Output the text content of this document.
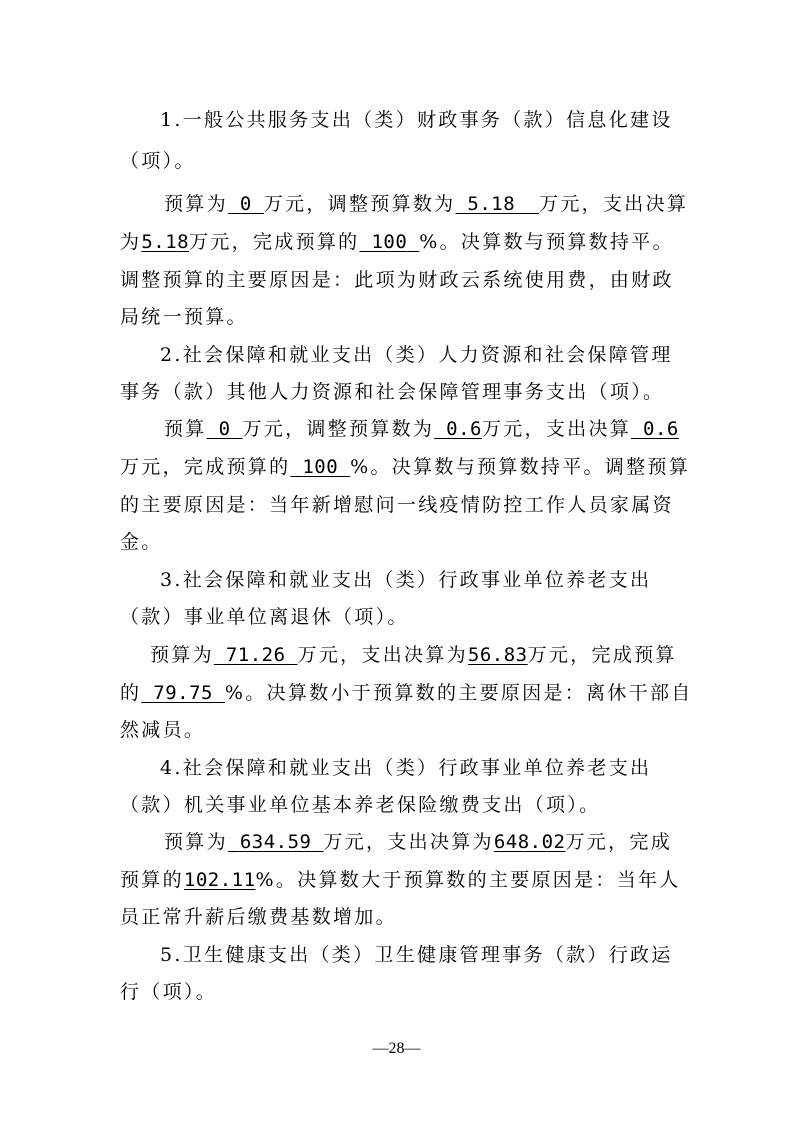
1.一般公共服务支出（类）财政事务（款）信息化建设
（项）。
预算为 0 万元，调整预算数为 5.18 万元，支出决算
为5.18万元，完成预算的 100 %。决算数与预算数持平。
调整预算的主要原因是：此项为财政云系统使用费，由财政
局统一预算。
2.社会保障和就业支出（类）人力资源和社会保障管理
事务（款）其他人力资源和社会保障管理事务支出（项）。
预算 0 万元，调整预算数为 0.6万元，支出决算 0.6
万元，完成预算的 100 %。决算数与预算数持平。调整预算
的主要原因是：当年新增慰问一线疫情防控工作人员家属资
金。
3.社会保障和就业支出（类）行政事业单位养老支出
（款）事业单位离退休（项）。
预算为 71.26 万元，支出决算为56.83万元，完成预算
的 79.75 %。决算数小于预算数的主要原因是：离休干部自
然减员。
4.社会保障和就业支出（类）行政事业单位养老支出
（款）机关事业单位基本养老保险缴费支出（项）。
预算为 634.59 万元，支出决算为648.02万元，完成
预算的102.11%。决算数大于预算数的主要原因是：当年人
员正常升薪后缴费基数增加。
5.卫生健康支出（类）卫生健康管理事务（款）行政运
行（项）。
—28—
